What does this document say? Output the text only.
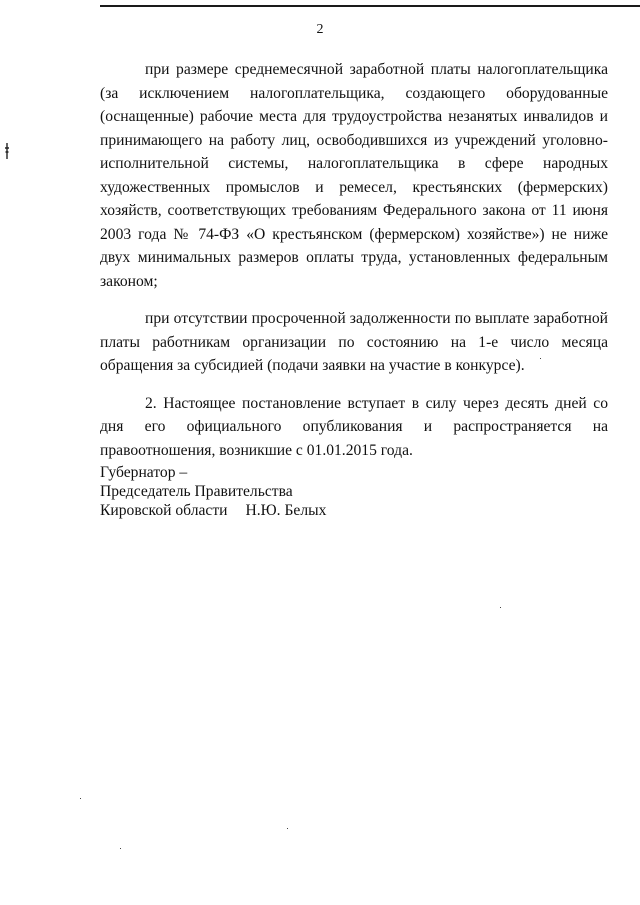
2

при размере среднемесячной заработной платы налогоплательщика (за исключением налогоплательщика, создающего оборудованные (оснащенные) рабочие места для трудоустройства незанятых инвалидов и принимающего на работу лиц, освободившихся из учреждений уголовно-исполнительной системы, налогоплательщика в сфере народных художественных промыслов и ремесел, крестьянских (фермерских) хозяйств, соответствующих требованиям Федерального закона от 11 июня 2003 года № 74-ФЗ «О крестьянском (фермерском) хозяйстве») не ниже двух минимальных размеров оплаты труда, установленных федеральным законом;

при отсутствии просроченной задолженности по выплате заработной платы работникам организации по состоянию на 1-е число месяца обращения за субсидией (подачи заявки на участие в конкурсе).

2. Настоящее постановление вступает в силу через десять дней со дня его официального опубликования и распространяется на правоотношения, возникшие с 01.01.2015 года.

Губернатор –
Председатель Правительства
Кировской области Н.Ю. Белых
